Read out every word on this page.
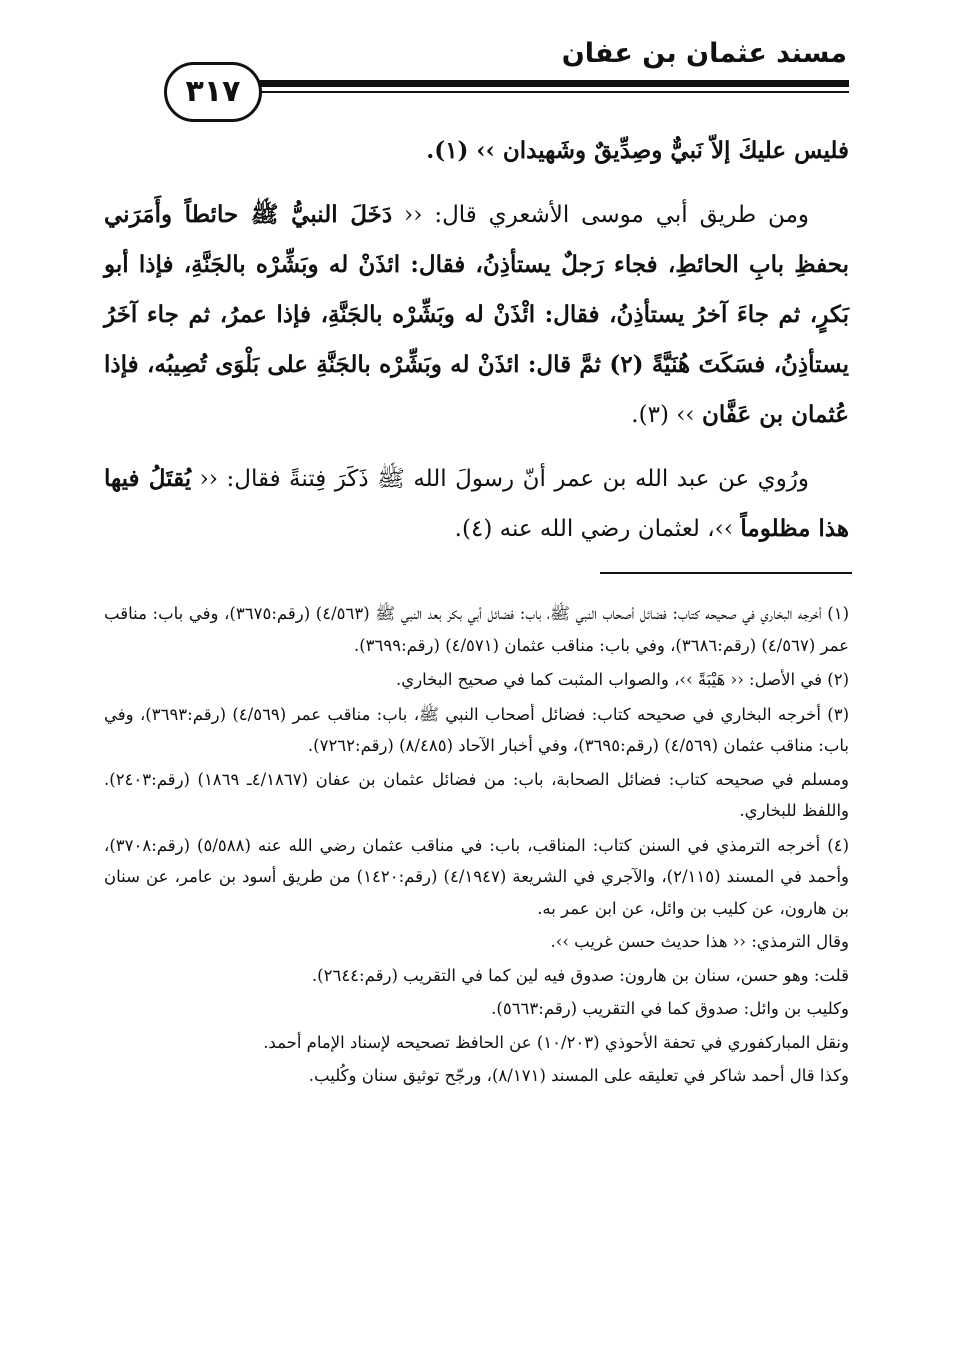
مسند عثمان بن عفان
٣١٧

فليس عليكَ إلاّ نَبيٌّ وصِدِّيقٌ وشَهيدان ›› (١).

ومن طريق أبي موسى الأشعري قال: ‹‹ دَخَلَ النبيُّ ﷺ حائطاً وأَمَرَني بحفظِ بابِ الحائطِ، فجاء رَجلٌ يستأذِنُ، فقال: ائذَنْ له وبَشِّرْه بالجَنَّةِ، فإذا أبو بَكرٍ، ثم جاءَ آخرُ يستأذِنُ، فقال: ائْذَنْ له وبَشِّرْه بالجَنَّةِ، فإذا عمرُ، ثم جاء آخَرُ يستأذِنُ، فسَكَتَ هُنَيَّةً (٢) ثمَّ قال: ائذَنْ له وبَشِّرْه بالجَنَّةِ على بَلْوَى تُصِيبُه، فإذا عُثمان بن عَفَّان ›› (٣).

ورُوي عن عبد الله بن عمر أنّ رسولَ الله ﷺ ذَكَرَ فِتنةً فقال: ‹‹ يُقتَلُ فيها هذا مظلوماً ››، لعثمان رضي الله عنه (٤).

(١) أخرجه البخاري في صحيحه كتاب: فضائل أصحاب النبي ﷺ، باب: فضائل أبي بكر بعد النبي ﷺ (٤/٥٦٣) (رقم:٣٦٧٥)، وفي باب: مناقب عمر (٤/٥٦٧) (رقم:٣٦٨٦)، وفي باب: مناقب عثمان (٤/٥٧١) (رقم:٣٦٩٩).

(٢) في الأصل: ‹‹ هَيْبَةً ››، والصواب المثبت كما في صحيح البخاري.

(٣) أخرجه البخاري في صحيحه كتاب: فضائل أصحاب النبي ﷺ، باب: مناقب عمر (٤/٥٦٩) (رقم:٣٦٩٣)، وفي باب: مناقب عثمان (٤/٥٦٩) (رقم:٣٦٩٥)، وفي أخبار الآحاد (٨/٤٨٥) (رقم:٧٢٦٢).

ومسلم في صحيحه كتاب: فضائل الصحابة، باب: من فضائل عثمان بن عفان (٤/١٨٦٧ـ ١٨٦٩) (رقم:٢٤٠٣). واللفظ للبخاري.

(٤) أخرجه الترمذي في السنن كتاب: المناقب، باب: في مناقب عثمان رضي الله عنه (٥/٥٨٨) (رقم:٣٧٠٨)، وأحمد في المسند (٢/١١٥)، والآجري في الشريعة (٤/١٩٤٧) (رقم:١٤٢٠) من طريق أسود بن عامر، عن سنان بن هارون، عن كليب بن وائل، عن ابن عمر به.

وقال الترمذي: ‹‹ هذا حديث حسن غريب ››.

قلت: وهو حسن، سنان بن هارون: صدوق فيه لين كما في التقريب (رقم:٢٦٤٤).

وكليب بن وائل: صدوق كما في التقريب (رقم:٥٦٦٣).

ونقل المباركفوري في تحفة الأحوذي (١٠/٢٠٣) عن الحافظ تصحيحه لإسناد الإمام أحمد.

وكذا قال أحمد شاكر في تعليقه على المسند (٨/١٧١)، ورجّح توثيق سنان وكُليب.
